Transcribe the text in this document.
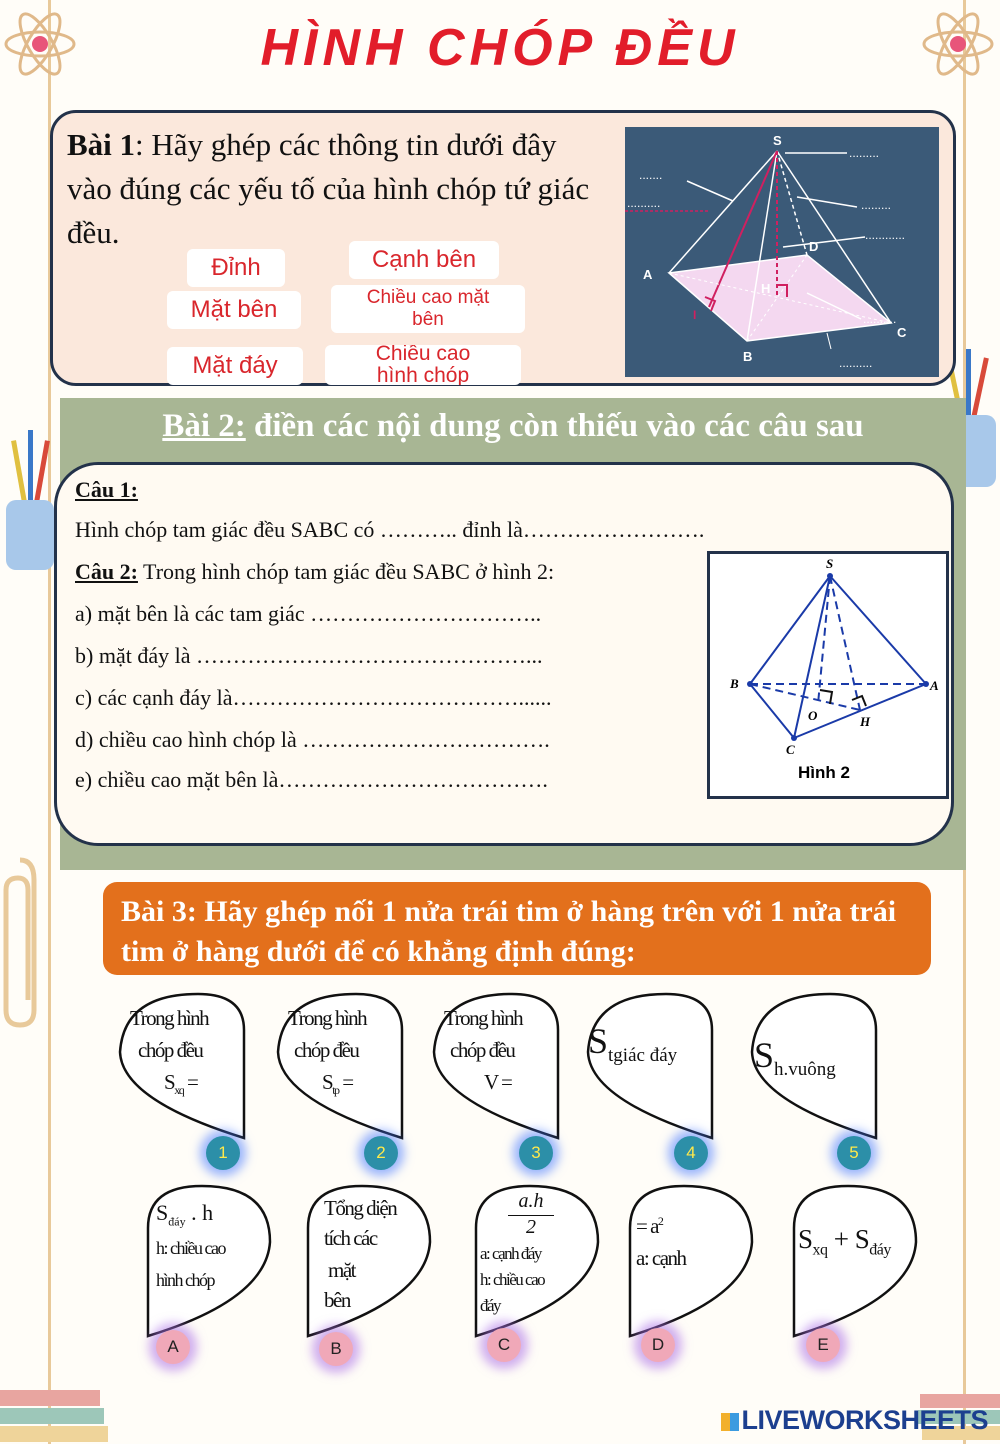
HÌNH CHÓP ĐỀU
Bài 1: Hãy ghép các thông tin dưới đây vào đúng các yếu tố của hình chóp tứ giác đều.
Đỉnh	Cạnh bên
Mặt bên	Chiều cao mặt bên
Mặt đáy	Chiều cao hình chóp
S
A
B
C
D
H
I
.......
.........
.........
............
..........
..........
..........
Bài 2: điền các nội dung còn thiếu vào các câu sau
Câu 1:
Hình chóp tam giác đều SABC có ……….. đỉnh là…………………….
Câu 2: Trong hình chóp tam giác đều SABC ở hình 2:
a) mặt bên là các tam giác …………………………..
b) mặt đáy là ………………………………………...
c) các cạnh đáy là…………………………………......
d) chiều cao hình chóp là …………………………….
e) chiều cao mặt bên là……………………………….
S
B	A
O	H
C
Hình 2
Bài 3: Hãy ghép nối 1 nửa trái tim ở hàng trên với 1 nửa trái tim ở hàng dưới để có khẳng định đúng:
Trong hình
chóp đều
$S_{xq}$ =
1
Trong hình
chóp đều
$S_{tp}$ =
2
Trong hình
chóp đều
V =
3
$S_{tgiác đáy}$
4
$S_{h.vuông}$
5
$S_{đáy}$ . h
h: chiều cao
hình chóp
A
Tổng diện
tích các
mặt
bên
B
a.h
2
a: cạnh đáy
h: chiều cao
đáy
C
= $a^2$
a: cạnh
D
$S_{xq} + S_{đáy}$
E
LIVEWORKSHEETS
